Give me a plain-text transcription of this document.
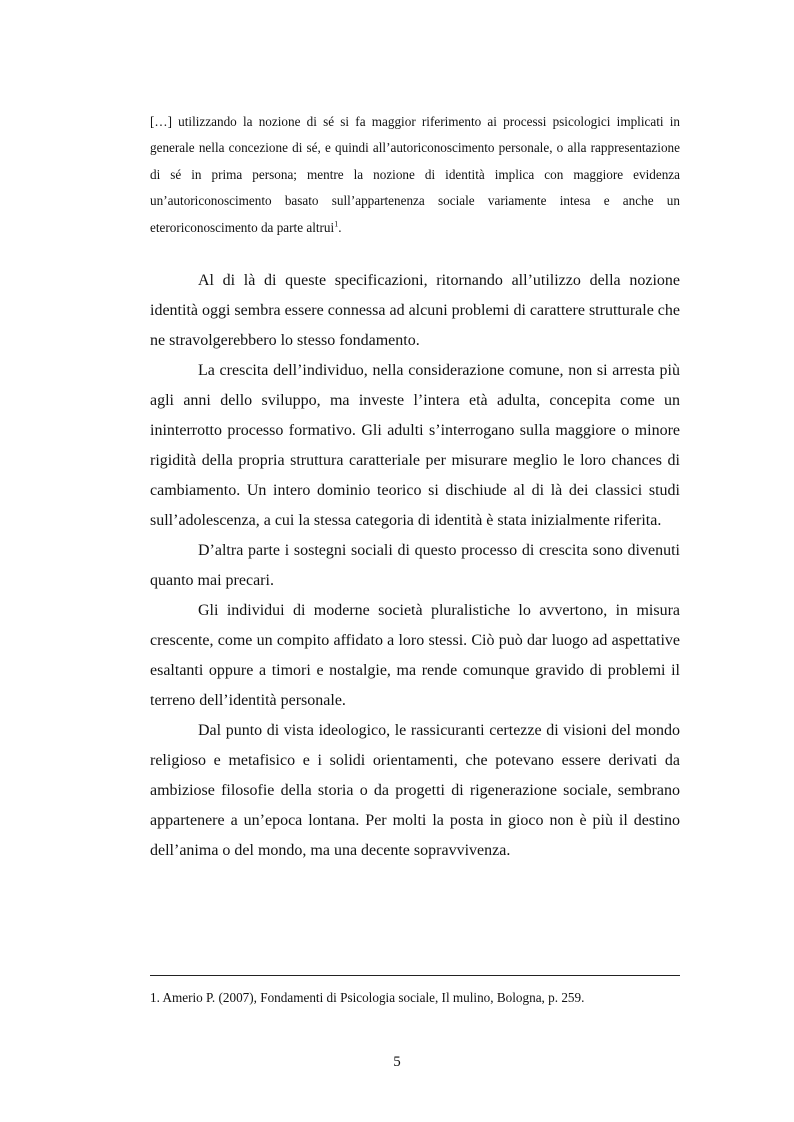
[…] utilizzando la nozione di sé si fa maggior riferimento ai processi psicologici implicati in generale nella concezione di sé, e quindi all’autoriconoscimento personale, o alla rappresentazione di sé in prima persona; mentre la nozione di identità implica con maggiore evidenza un’autoriconoscimento basato sull’appartenenza sociale variamente intesa e anche un eteroriconoscimento da parte altrui$^1$.

Al di là di queste specificazioni, ritornando all’utilizzo della nozione identità oggi sembra essere connessa ad alcuni problemi di carattere strutturale che ne stravolgerebbero lo stesso fondamento.

La crescita dell’individuo, nella considerazione comune, non si arresta più agli anni dello sviluppo, ma investe l’intera età adulta, concepita come un ininterrotto processo formativo. Gli adulti s’interrogano sulla maggiore o minore rigidità della propria struttura caratteriale per misurare meglio le loro chances di cambiamento. Un intero dominio teorico si dischiude al di là dei classici studi sull’adolescenza, a cui la stessa categoria di identità è stata inizialmente riferita.

D’altra parte i sostegni sociali di questo processo di crescita sono divenuti quanto mai precari.

Gli individui di moderne società pluralistiche lo avvertono, in misura crescente, come un compito affidato a loro stessi. Ciò può dar luogo ad aspettative esaltanti oppure a timori e nostalgie, ma rende comunque gravido di problemi il terreno dell’identità personale.

Dal punto di vista ideologico, le rassicuranti certezze di visioni del mondo religioso e metafisico e i solidi orientamenti, che potevano essere derivati da ambiziose filosofie della storia o da progetti di rigenerazione sociale, sembrano appartenere a un’epoca lontana. Per molti la posta in gioco non è più il destino dell’anima o del mondo, ma una decente sopravvivenza.

1. Amerio P. (2007), Fondamenti di Psicologia sociale, Il mulino, Bologna, p. 259.

5
